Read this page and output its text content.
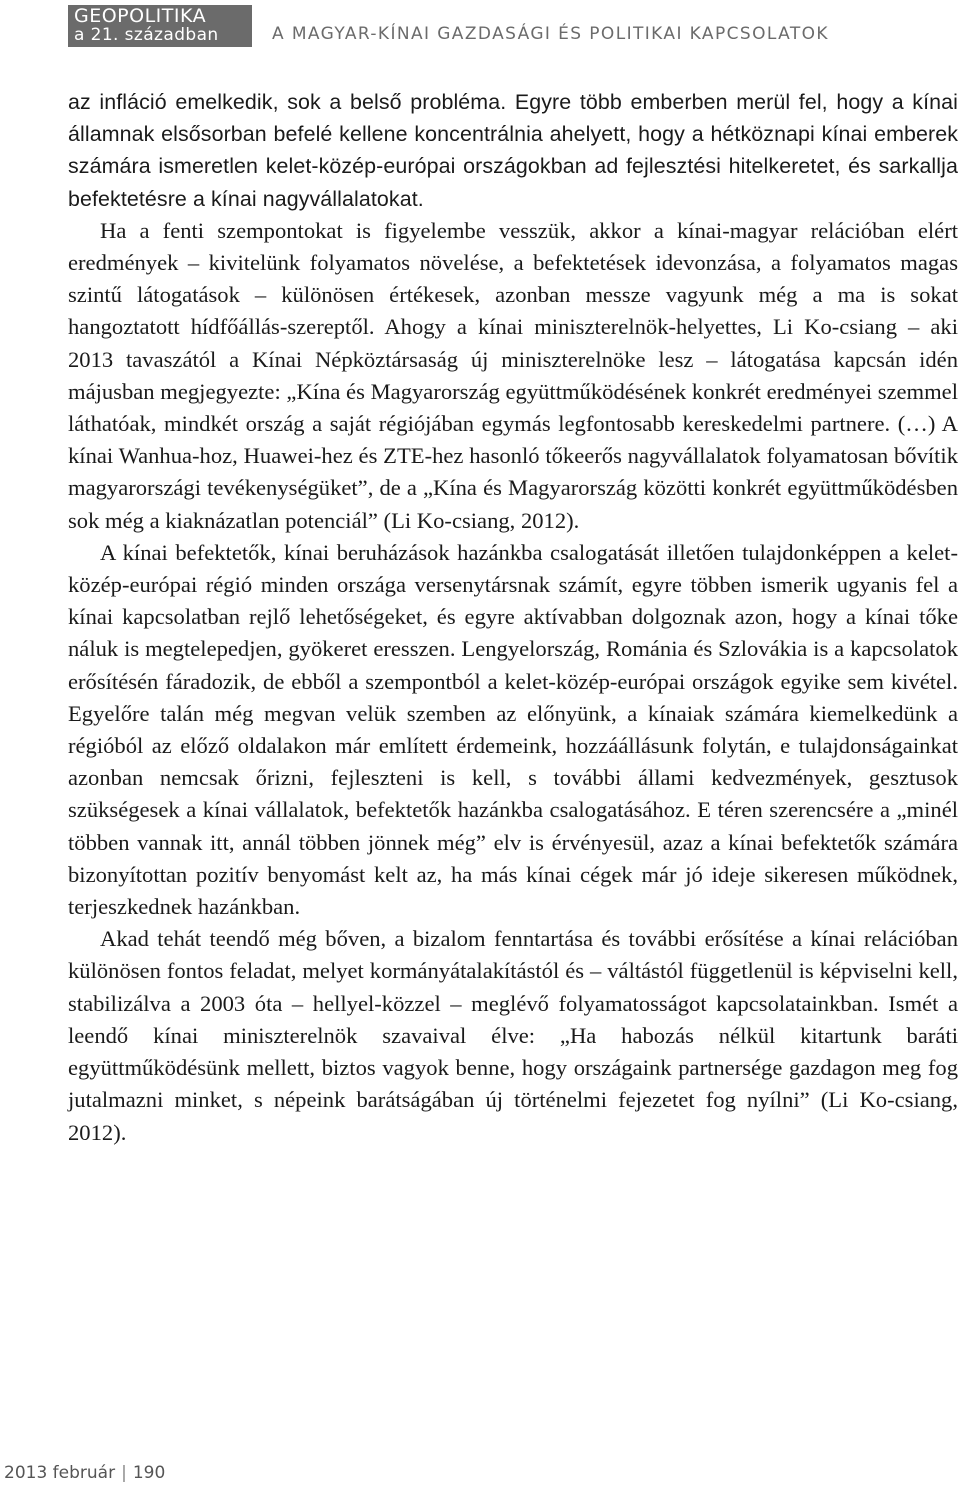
GEOPOLITIKA
a 21. században	A MAGYAR-KÍNAI GAZDASÁGI ÉS POLITIKAI KAPCSOLATOK

az infláció emelkedik, sok a belső probléma. Egyre több emberben merül fel, hogy a kínai államnak elsősorban befelé kellene koncentrálnia ahelyett, hogy a hétköznapi kínai emberek számára ismeretlen kelet-közép-európai országokban ad fejlesztési hitelkeretet, és sarkallja befektetésre a kínai nagyvállalatokat.

Ha a fenti szempontokat is figyelembe vesszük, akkor a kínai-magyar relációban elért eredmények – kivitelünk folyamatos növelése, a befektetések idevonzása, a folyamatos magas szintű látogatások – különösen értékesek, azonban messze vagyunk még a ma is sokat hangoztatott hídfőállás-szereptől. Ahogy a kínai miniszterelnök-helyettes, Li Ko-csiang – aki 2013 tavaszától a Kínai Népköztársaság új miniszterelnöke lesz – látogatása kapcsán idén májusban megjegyezte: „Kína és Magyarország együttműködésének konkrét eredményei szemmel láthatóak, mindkét ország a saját régiójában egymás legfontosabb kereskedelmi partnere. (…) A kínai Wanhua-hoz, Huawei-hez és ZTE-hez hasonló tőkeerős nagyvállalatok folyamatosan bővítik magyarországi tevékenységüket”, de a „Kína és Magyarország közötti konkrét együttműködésben sok még a kiaknázatlan potenciál” (Li Ko-csiang, 2012).

A kínai befektetők, kínai beruházások hazánkba csalogatását illetően tulajdonképpen a kelet-közép-európai régió minden országa versenytársnak számít, egyre többen ismerik ugyanis fel a kínai kapcsolatban rejlő lehetőségeket, és egyre aktívabban dolgoznak azon, hogy a kínai tőke náluk is megtelepedjen, gyökeret eresszen. Lengyelország, Románia és Szlovákia is a kapcsolatok erősítésén fáradozik, de ebből a szempontból a kelet-közép-európai országok egyike sem kivétel. Egyelőre talán még megvan velük szemben az előnyünk, a kínaiak számára kiemelkedünk a régióból az előző oldalakon már említett érdemeink, hozzáállásunk folytán, e tulajdonságainkat azonban nemcsak őrizni, fejleszteni is kell, s további állami kedvezmények, gesztusok szükségesek a kínai vállalatok, befektetők hazánkba csalogatásához. E téren szerencsére a „minél többen vannak itt, annál többen jönnek még” elv is érvényesül, azaz a kínai befektetők számára bizonyítottan pozitív benyomást kelt az, ha más kínai cégek már jó ideje sikeresen működnek, terjeszkednek hazánkban.

Akad tehát teendő még bőven, a bizalom fenntartása és további erősítése a kínai relációban különösen fontos feladat, melyet kormányátalakítástól és – váltástól függetlenül is képviselni kell, stabilizálva a 2003 óta – hellyel-közzel – meglévő folyamatosságot kapcsolatainkban. Ismét a leendő kínai miniszterelnök szavaival élve: „Ha habozás nélkül kitartunk baráti együttműködésünk mellett, biztos vagyok benne, hogy országaink partnersége gazdagon meg fog jutalmazni minket, s népeink barátságában új történelmi fejezetet fog nyílni” (Li Ko-csiang, 2012).

2013 február | 190
